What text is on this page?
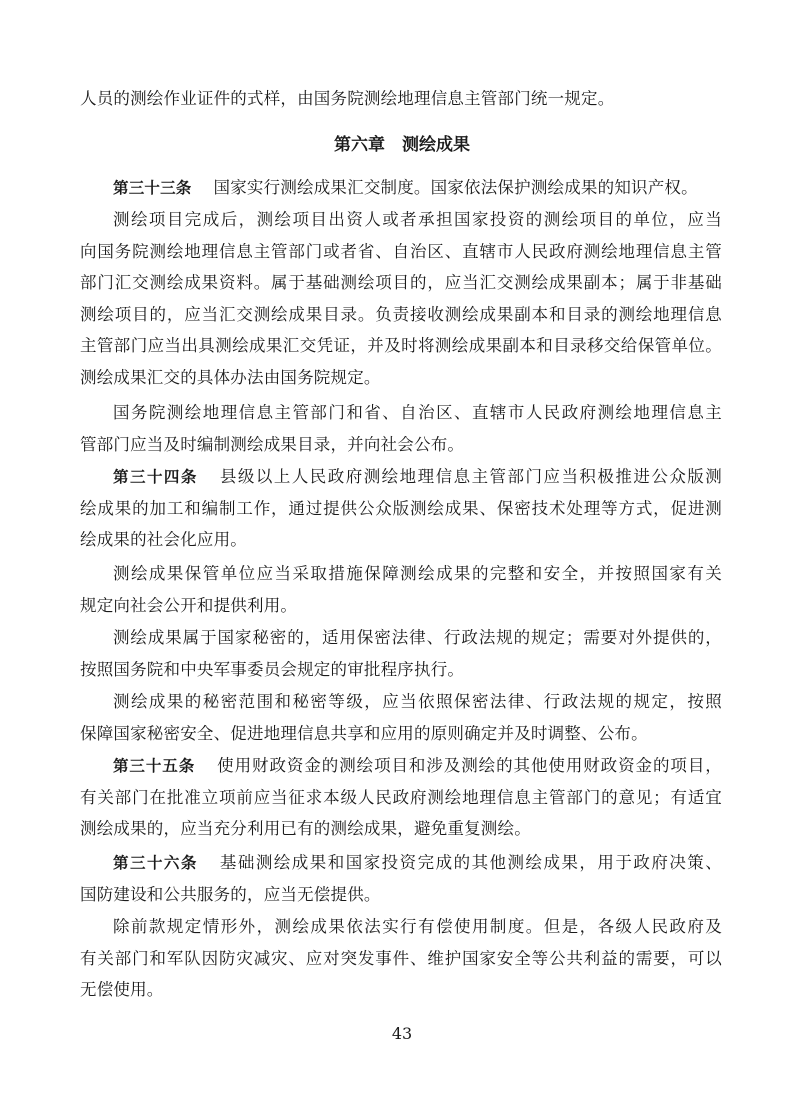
人员的测绘作业证件的式样，由国务院测绘地理信息主管部门统一规定。

第六章　测绘成果

第三十三条 国家实行测绘成果汇交制度。国家依法保护测绘成果的知识产权。

测绘项目完成后，测绘项目出资人或者承担国家投资的测绘项目的单位，应当
向国务院测绘地理信息主管部门或者省、自治区、直辖市人民政府测绘地理信息主管
部门汇交测绘成果资料。属于基础测绘项目的，应当汇交测绘成果副本；属于非基础
测绘项目的，应当汇交测绘成果目录。负责接收测绘成果副本和目录的测绘地理信息
主管部门应当出具测绘成果汇交凭证，并及时将测绘成果副本和目录移交给保管单位。
测绘成果汇交的具体办法由国务院规定。

国务院测绘地理信息主管部门和省、自治区、直辖市人民政府测绘地理信息主
管部门应当及时编制测绘成果目录，并向社会公布。

第三十四条 县级以上人民政府测绘地理信息主管部门应当积极推进公众版测
绘成果的加工和编制工作，通过提供公众版测绘成果、保密技术处理等方式，促进测
绘成果的社会化应用。

测绘成果保管单位应当采取措施保障测绘成果的完整和安全，并按照国家有关
规定向社会公开和提供利用。

测绘成果属于国家秘密的，适用保密法律、行政法规的规定；需要对外提供的，
按照国务院和中央军事委员会规定的审批程序执行。

测绘成果的秘密范围和秘密等级，应当依照保密法律、行政法规的规定，按照
保障国家秘密安全、促进地理信息共享和应用的原则确定并及时调整、公布。

第三十五条 使用财政资金的测绘项目和涉及测绘的其他使用财政资金的项目，
有关部门在批准立项前应当征求本级人民政府测绘地理信息主管部门的意见；有适宜
测绘成果的，应当充分利用已有的测绘成果，避免重复测绘。

第三十六条 基础测绘成果和国家投资完成的其他测绘成果，用于政府决策、
国防建设和公共服务的，应当无偿提供。

除前款规定情形外，测绘成果依法实行有偿使用制度。但是，各级人民政府及
有关部门和军队因防灾减灾、应对突发事件、维护国家安全等公共利益的需要，可以
无偿使用。

43
